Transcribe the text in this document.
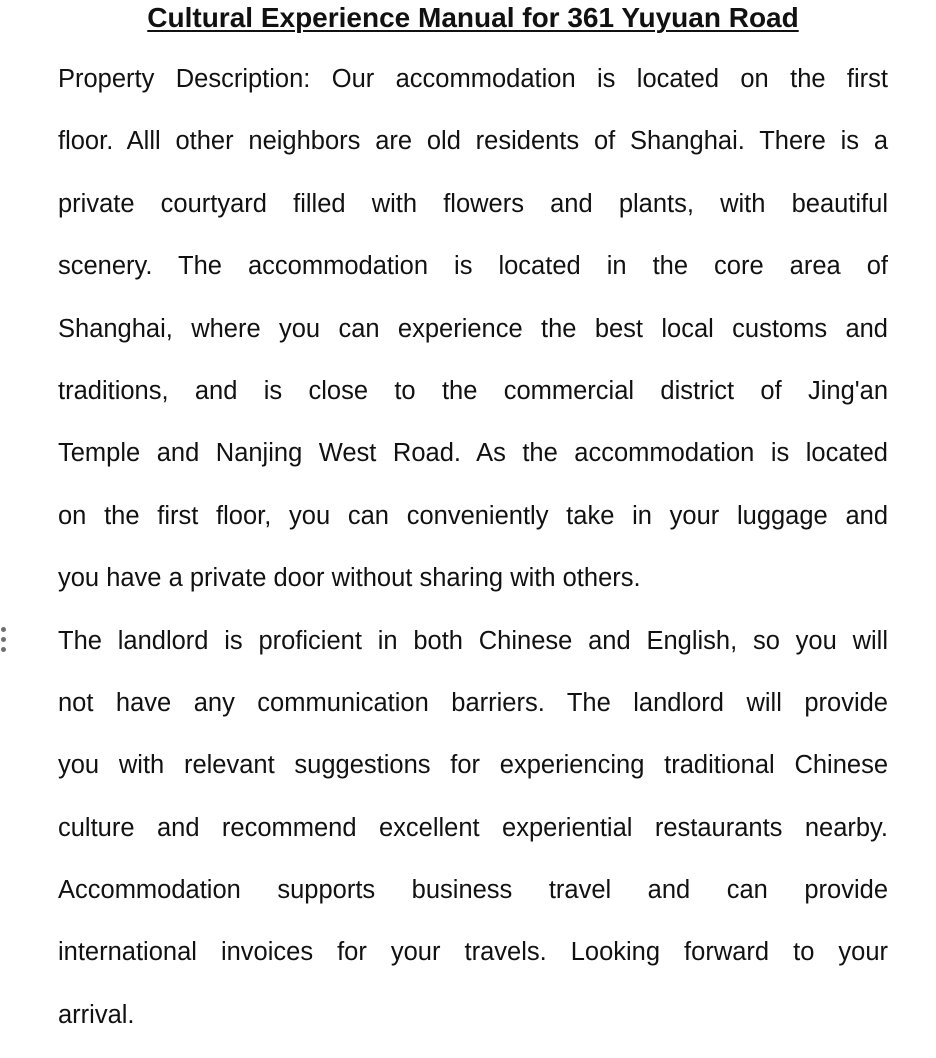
Cultural Experience Manual for 361 Yuyuan Road
Property Description: Our accommodation is located on the first
floor. Alll other neighbors are old residents of Shanghai. There is a
private courtyard filled with flowers and plants, with beautiful
scenery. The accommodation is located in the core area of
Shanghai, where you can experience the best local customs and
traditions, and is close to the commercial district of Jing'an
Temple and Nanjing West Road. As the accommodation is located
on the first floor, you can conveniently take in your luggage and
you have a private door without sharing with others.
The landlord is proficient in both Chinese and English, so you will
not have any communication barriers. The landlord will provide
you with relevant suggestions for experiencing traditional Chinese
culture and recommend excellent experiential restaurants nearby.
Accommodation supports business travel and can provide
international invoices for your travels. Looking forward to your
arrival.
